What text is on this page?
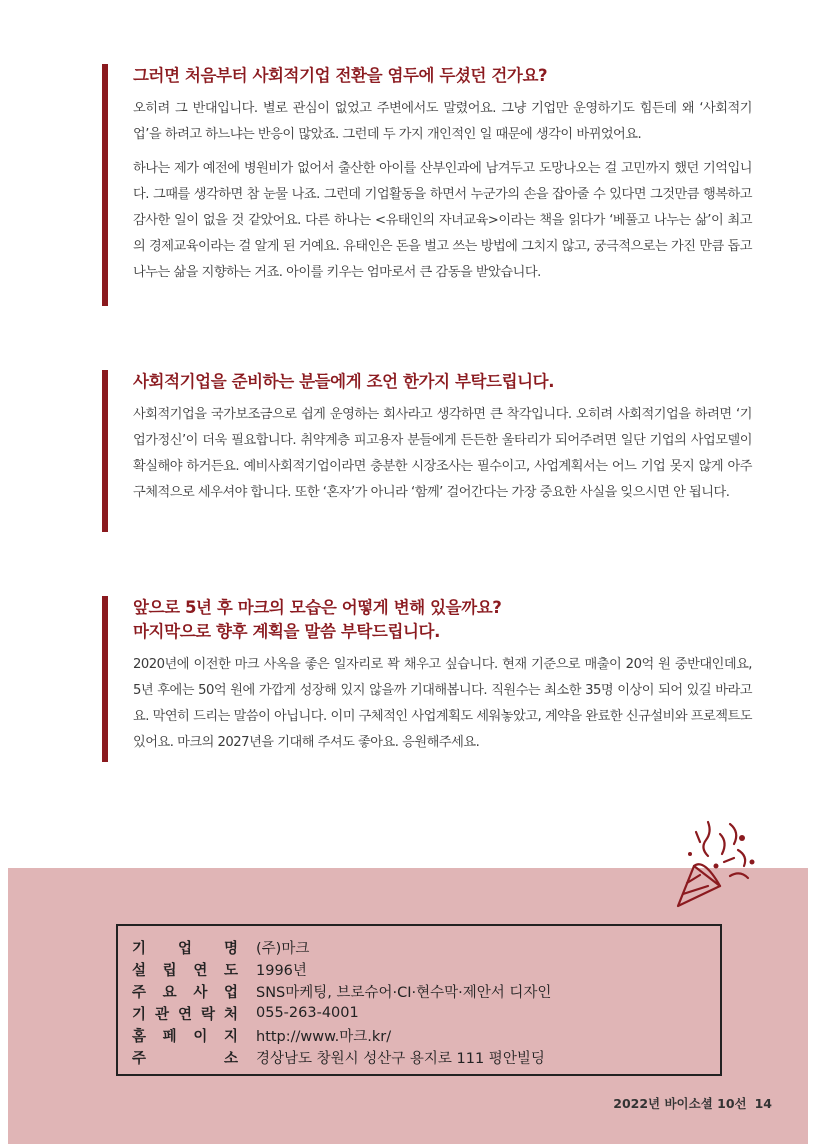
그러면 처음부터 사회적기업 전환을 염두에 두셨던 건가요?

오히려 그 반대입니다. 별로 관심이 없었고 주변에서도 말렸어요. 그냥 기업만 운영하기도 힘든데 왜 ‘사회적기업’을 하려고 하느냐는 반응이 많았죠. 그런데 두 가지 개인적인 일 때문에 생각이 바뀌었어요.

하나는 제가 예전에 병원비가 없어서 출산한 아이를 산부인과에 남겨두고 도망나오는 걸 고민까지 했던 기억입니다. 그때를 생각하면 참 눈물 나죠. 그런데 기업활동을 하면서 누군가의 손을 잡아줄 수 있다면 그것만큼 행복하고 감사한 일이 없을 것 같았어요. 다른 하나는 <유태인의 자녀교육>이라는 책을 읽다가 ‘베풀고 나누는 삶’이 최고의 경제교육이라는 걸 알게 된 거예요. 유태인은 돈을 벌고 쓰는 방법에 그치지 않고, 궁극적으로는 가진 만큼 돕고 나누는 삶을 지향하는 거죠. 아이를 키우는 엄마로서 큰 감동을 받았습니다.

사회적기업을 준비하는 분들에게 조언 한가지 부탁드립니다.

사회적기업을 국가보조금으로 쉽게 운영하는 회사라고 생각하면 큰 착각입니다. 오히려 사회적기업을 하려면 ‘기업가정신’이 더욱 필요합니다. 취약계층 피고용자 분들에게 든든한 울타리가 되어주려면 일단 기업의 사업모델이 확실해야 하거든요. 예비사회적기업이라면 충분한 시장조사는 필수이고, 사업계획서는 어느 기업 못지 않게 아주 구체적으로 세우셔야 합니다. 또한 ‘혼자’가 아니라 ‘함께’ 걸어간다는 가장 중요한 사실을 잊으시면 안 됩니다.

앞으로 5년 후 마크의 모습은 어떻게 변해 있을까요?
마지막으로 향후 계획을 말씀 부탁드립니다.

2020년에 이전한 마크 사옥을 좋은 일자리로 꽉 채우고 싶습니다. 현재 기준으로 매출이 20억 원 중반대인데요, 5년 후에는 50억 원에 가깝게 성장해 있지 않을까 기대해봅니다. 직원수는 최소한 35명 이상이 되어 있길 바라고요. 막연히 드리는 말씀이 아닙니다. 이미 구체적인 사업계획도 세워놓았고, 계약을 완료한 신규설비와 프로젝트도 있어요. 마크의 2027년을 기대해 주셔도 좋아요. 응원해주세요.

기 업 명 (주)마크
설 립 연 도 1996년
주 요 사 업 SNS마케팅, 브로슈어·CI·현수막·제안서 디자인
기 관 연 락 처 055-263-4001
홈 페 이 지 http://www.마크.kr/
주	소 경상남도 창원시 성산구 용지로 111 평안빌딩
2022년 바이소셜 10선 14
